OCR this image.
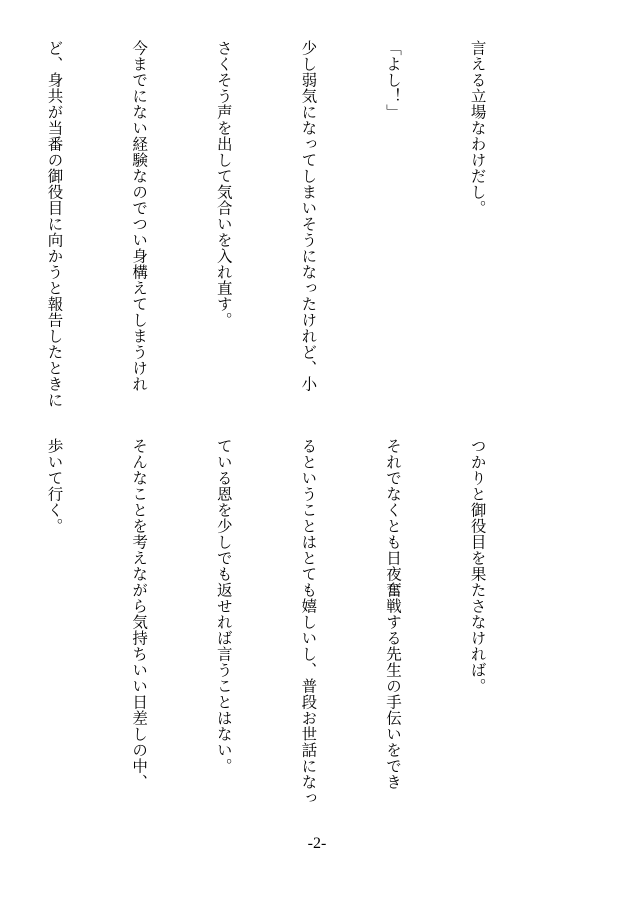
言える立場なわけだし。

「よし！」

少し弱気になってしまいそうになったけれど、小

さくそう声を出して気合いを入れ直す。

今までにない経験なのでつい身構えてしまうけれ

ど、身共が当番の御役目に向かうと報告したときに

つかりと御役目を果たさなければ。

それでなくとも日夜奮戦する先生の手伝いをでき

るということはとても嬉しいし、普段お世話になっ

ている恩を少しでも返せれば言うことはない。

そんなことを考えながら気持ちいい日差しの中、

歩いて行く。

-2-
